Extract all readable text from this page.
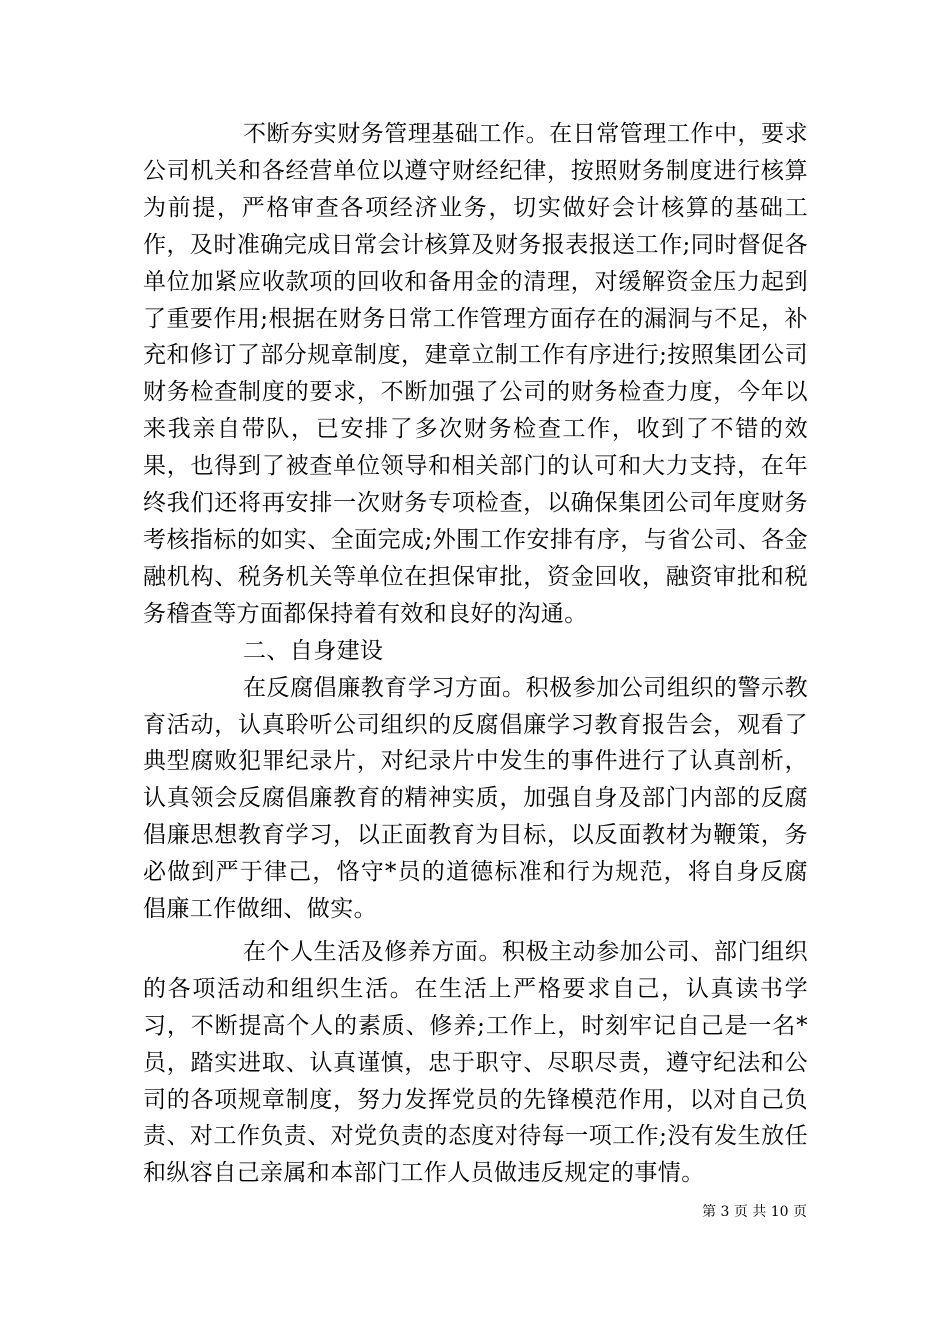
不断夯实财务管理基础工作。在日常管理工作中，要求公司机关和各经营单位以遵守财经纪律，按照财务制度进行核算为前提，严格审查各项经济业务，切实做好会计核算的基础工作，及时准确完成日常会计核算及财务报表报送工作;同时督促各单位加紧应收款项的回收和备用金的清理，对缓解资金压力起到了重要作用;根据在财务日常工作管理方面存在的漏洞与不足，补充和修订了部分规章制度，建章立制工作有序进行;按照集团公司财务检查制度的要求，不断加强了公司的财务检查力度，今年以来我亲自带队，已安排了多次财务检查工作，收到了不错的效果，也得到了被查单位领导和相关部门的认可和大力支持，在年终我们还将再安排一次财务专项检查，以确保集团公司年度财务考核指标的如实、全面完成;外围工作安排有序，与省公司、各金融机构、税务机关等单位在担保审批，资金回收，融资审批和税务稽查等方面都保持着有效和良好的沟通。

二、自身建设

在反腐倡廉教育学习方面。积极参加公司组织的警示教育活动，认真聆听公司组织的反腐倡廉学习教育报告会，观看了典型腐败犯罪纪录片，对纪录片中发生的事件进行了认真剖析，认真领会反腐倡廉教育的精神实质，加强自身及部门内部的反腐倡廉思想教育学习，以正面教育为目标，以反面教材为鞭策，务必做到严于律己，恪守*员的道德标准和行为规范，将自身反腐倡廉工作做细、做实。

在个人生活及修养方面。积极主动参加公司、部门组织的各项活动和组织生活。在生活上严格要求自己，认真读书学习，不断提高个人的素质、修养;工作上，时刻牢记自己是一名*员，踏实进取、认真谨慎，忠于职守、尽职尽责，遵守纪法和公司的各项规章制度，努力发挥党员的先锋模范作用，以对自己负责、对工作负责、对党负责的态度对待每一项工作;没有发生放任和纵容自己亲属和本部门工作人员做违反规定的事情。

第 3 页 共 10 页
